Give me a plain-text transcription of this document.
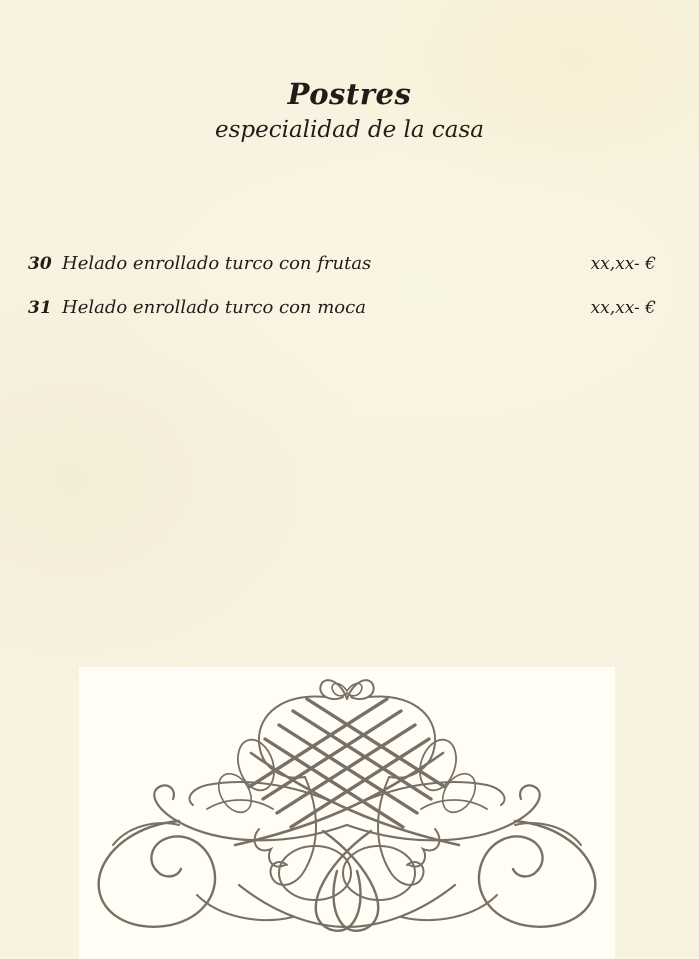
Postres
especialidad de la casa
30 Helado enrollado turco con frutas	xx,xx- €
31 Helado enrollado turco con moca	xx,xx- €
